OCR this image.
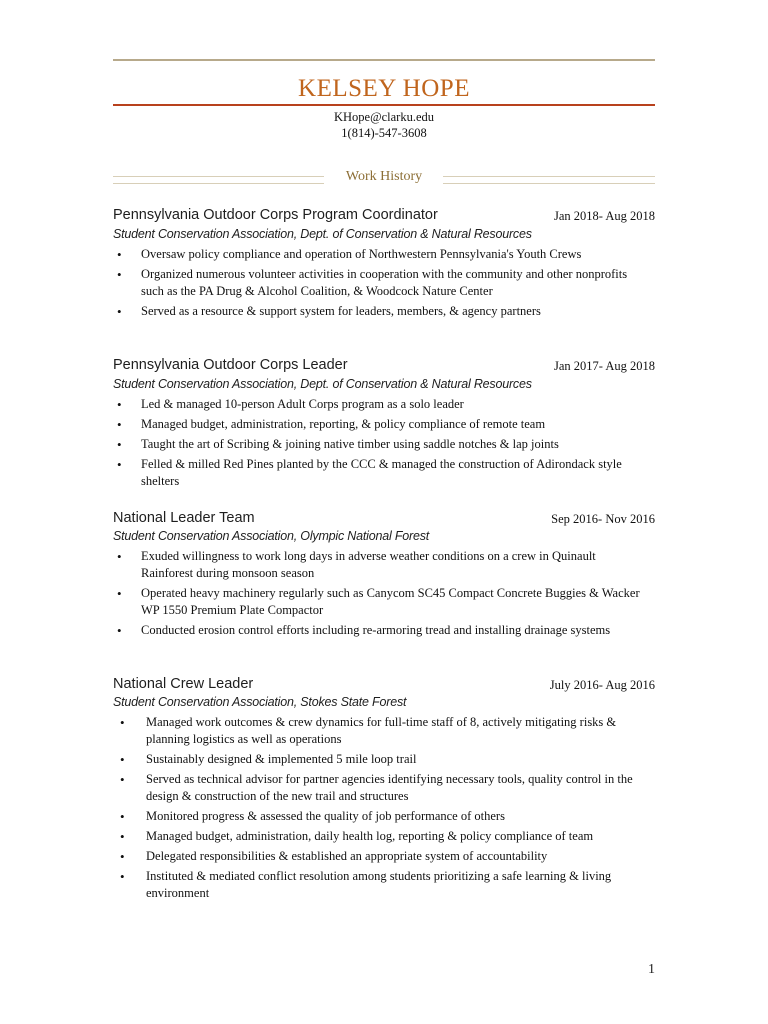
KELSEY HOPE
KHope@clarku.edu
1(814)-547-3608
Work History
Pennsylvania Outdoor Corps Program Coordinator	Jan 2018- Aug 2018
Student Conservation Association, Dept. of Conservation & Natural Resources
• Oversaw policy compliance and operation of Northwestern Pennsylvania's Youth Crews
• Organized numerous volunteer activities in cooperation with the community and other nonprofits such as the PA Drug & Alcohol Coalition, & Woodcock Nature Center
• Served as a resource & support system for leaders, members, & agency partners
Pennsylvania Outdoor Corps Leader	Jan 2017- Aug 2018
Student Conservation Association, Dept. of Conservation & Natural Resources
• Led & managed 10-person Adult Corps program as a solo leader
• Managed budget, administration, reporting, & policy compliance of remote team
• Taught the art of Scribing & joining native timber using saddle notches & lap joints
• Felled & milled Red Pines planted by the CCC & managed the construction of Adirondack style shelters
National Leader Team	Sep 2016- Nov 2016
Student Conservation Association, Olympic National Forest
• Exuded willingness to work long days in adverse weather conditions on a crew in Quinault Rainforest during monsoon season
• Operated heavy machinery regularly such as Canycom SC45 Compact Concrete Buggies & Wacker WP 1550 Premium Plate Compactor
• Conducted erosion control efforts including re-armoring tread and installing drainage systems
National Crew Leader	July 2016- Aug 2016
Student Conservation Association, Stokes State Forest
• Managed work outcomes & crew dynamics for full-time staff of 8, actively mitigating risks & planning logistics as well as operations
• Sustainably designed & implemented 5 mile loop trail
• Served as technical advisor for partner agencies identifying necessary tools, quality control in the design & construction of the new trail and structures
• Monitored progress & assessed the quality of job performance of others
• Managed budget, administration, daily health log, reporting & policy compliance of team
• Delegated responsibilities & established an appropriate system of accountability
• Instituted & mediated conflict resolution among students prioritizing a safe learning & living environment
1
